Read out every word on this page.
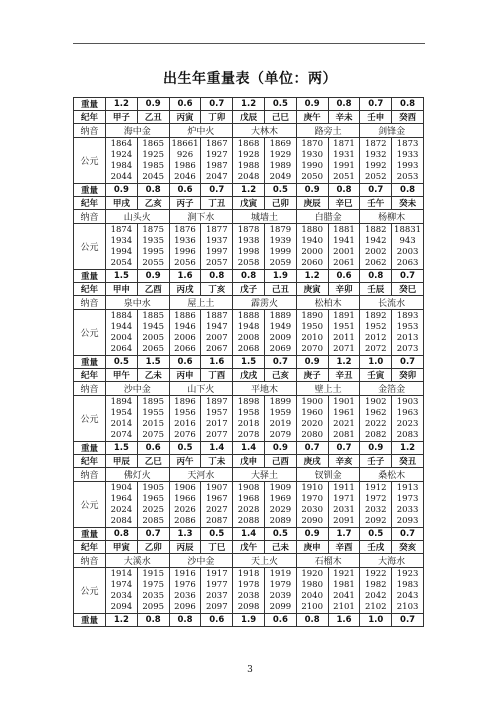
出生年重量表（单位：两）
重量	1.2	0.9	0.6	0.7	1.2	0.5	0.9	0.8	0.7	0.8
纪年	甲子	乙丑	丙寅	丁卯	戊辰	己巳	庚午	辛未	壬申	癸酉
纳音	海中金		炉中火		大林木		路旁土		剑锋金	
公元	1864
1924
1984
2044	1865
1925
1985
2045	18661
926
1986
2046	1867
1927
1987
2047	1868
1928
1988
2048	1869
1929
1989
2049	1870
1930
1990
2050	1871
1931
1991
2051	1872
1932
1992
2052	1873
1933
1993
2053

重量	0.9	0.8	0.6	0.7	1.2	0.5	0.9	0.8	0.7	0.8
纪年	甲戌	乙亥	丙子	丁丑	戊寅	己卯	庚辰	辛巳	壬午	癸未
纳音	山头火		涧下水		城墙土		白腊金		杨柳木	
公元	1874
1934
1994
2054	1875
1935
1995
2055	1876
1936
1996
2056	1877
1937
1997
2057	1878
1938
1998
2058	1879
1939
1999
2059	1880
1940
2000
2060	1881
1941
2001
2061	1882
1942
2002
2062	18831
943
2003
2063

重量	1.5	0.9	1.6	0.8	0.8	1.9	1.2	0.6	0.8	0.7
纪年	甲申	乙酉	丙戌	丁亥	戊子	己丑	庚寅	辛卯	壬辰	癸巳
纳音	泉中水		屋上土		霹雳火		松柏木		长流水	
公元	1884
1944
2004
2064	1885
1945
2005
2065	1886
1946
2006
2066	1887
1947
2007
2067	1888
1948
2008
2068	1889
1949
2009
2069	1890
1950
2010
2070	1891
1951
2011
2071	1892
1952
2012
2072	1893
1953
2013
2073

重量	0.5	1.5	0.6	1.6	1.5	0.7	0.9	1.2	1.0	0.7
纪年	甲午	乙未	丙申	丁酉	戊戌	己亥	庚子	辛丑	壬寅	癸卯
纳音	沙中金		山下火		平地木		壁上土		金箔金	
公元	1894
1954
2014
2074	1895
1955
2015
2075	1896
1956
2016
2076	1897
1957
2017
2077	1898
1958
2018
2078	1899
1959
2019
2079	1900
1960
2020
2080	1901
1961
2021
2081	1902
1962
2022
2082	1903
1963
2023
2083

重量	1.5	0.6	0.5	1.4	1.4	0.9	0.7	0.7	0.9	1.2
纪年	甲辰	乙巳	丙午	丁未	戊申	己酉	庚戌	辛亥	壬子	癸丑
纳音	佛灯火		天河水		大驿土		钗钏金		桑松木	
公元	1904
1964
2024
2084	1905
1965
2025
2085	1906
1966
2026
2086	1907
1967
2027
2087	1908
1968
2028
2088	1909
1969
2029
2089	1910
1970
2030
2090	1911
1971
2031
2091	1912
1972
2032
2092	1913
1973
2033
2093

重量	0.8	0.7	1.3	0.5	1.4	0.5	0.9	1.7	0.5	0.7
纪年	甲寅	乙卯	丙辰	丁巳	戊午	己未	庚申	辛酉	壬戌	癸亥
纳音	大溪水		沙中金		天上火		石榴木		大海水	
公元	1914
1974
2034
2094	1915
1975
2035
2095	1916
1976
2036
2096	1917
1977
2037
2097	1918
1978
2038
2098	1919
1979
2039
2099	1920
1980
2040
2100	1921
1981
2041
2101	1922
1982
2042
2102	1923
1983
2043
2103

重量	1.2	0.8	0.8	0.6	1.9	0.6	0.8	1.6	1.0	0.7
3
